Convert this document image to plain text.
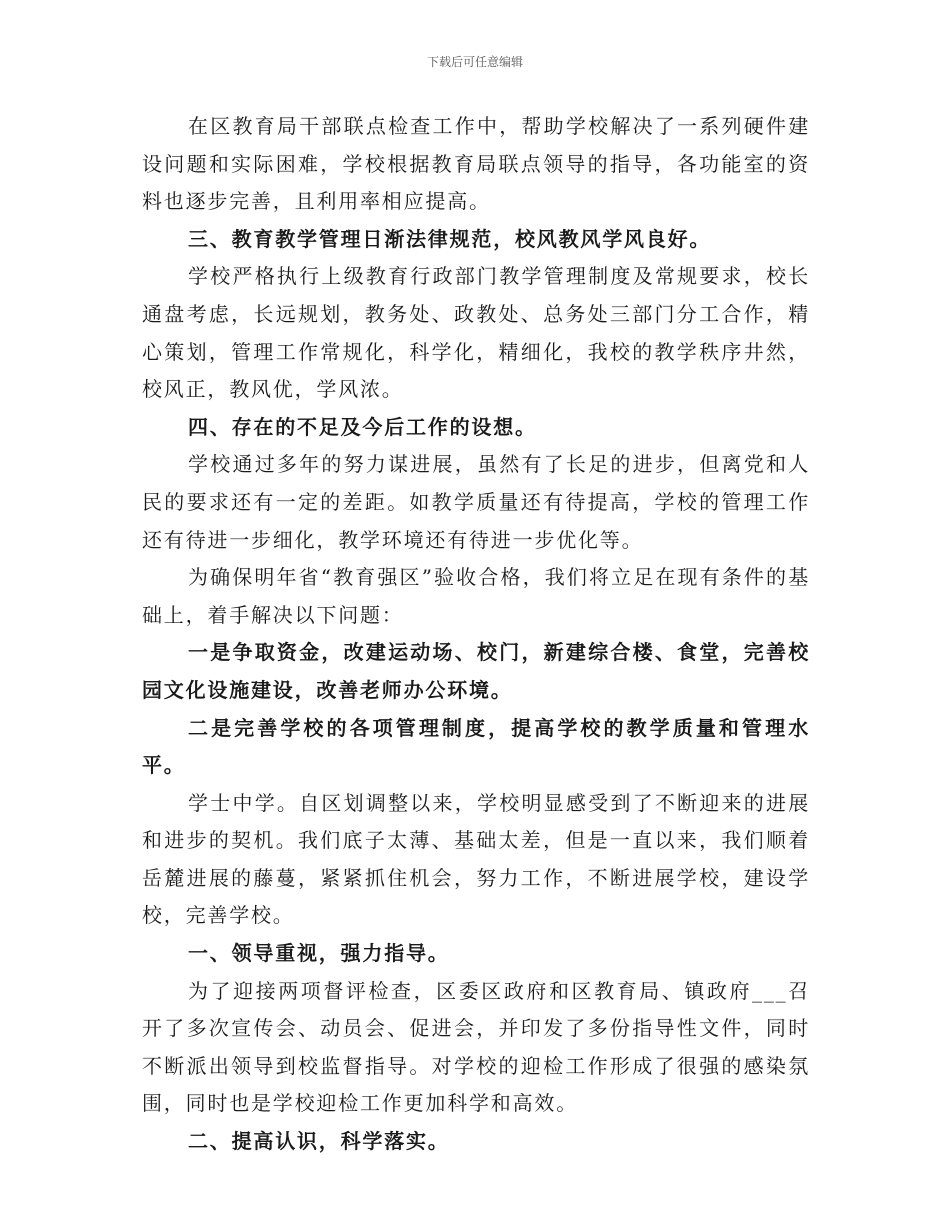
下载后可任意编辑

在区教育局干部联点检查工作中，帮助学校解决了一系列硬件建设问题和实际困难，学校根据教育局联点领导的指导，各功能室的资料也逐步完善，且利用率相应提高。

三、教育教学管理日渐法律规范，校风教风学风良好。

学校严格执行上级教育行政部门教学管理制度及常规要求，校长通盘考虑，长远规划，教务处、政教处、总务处三部门分工合作，精心策划，管理工作常规化，科学化，精细化，我校的教学秩序井然，校风正，教风优，学风浓。

四、存在的不足及今后工作的设想。

学校通过多年的努力谋进展，虽然有了长足的进步，但离党和人民的要求还有一定的差距。如教学质量还有待提高，学校的管理工作还有待进一步细化，教学环境还有待进一步优化等。

为确保明年省“教育强区”验收合格，我们将立足在现有条件的基础上，着手解决以下问题：

一是争取资金，改建运动场、校门，新建综合楼、食堂，完善校园文化设施建设，改善老师办公环境。

二是完善学校的各项管理制度，提高学校的教学质量和管理水平。

学士中学。自区划调整以来，学校明显感受到了不断迎来的进展和进步的契机。我们底子太薄、基础太差，但是一直以来，我们顺着岳麓进展的藤蔓，紧紧抓住机会，努力工作，不断进展学校，建设学校，完善学校。

一、领导重视，强力指导。

为了迎接两项督评检查，区委区政府和区教育局、镇政府___召开了多次宣传会、动员会、促进会，并印发了多份指导性文件，同时不断派出领导到校监督指导。对学校的迎检工作形成了很强的感染氛围，同时也是学校迎检工作更加科学和高效。

二、提高认识，科学落实。
